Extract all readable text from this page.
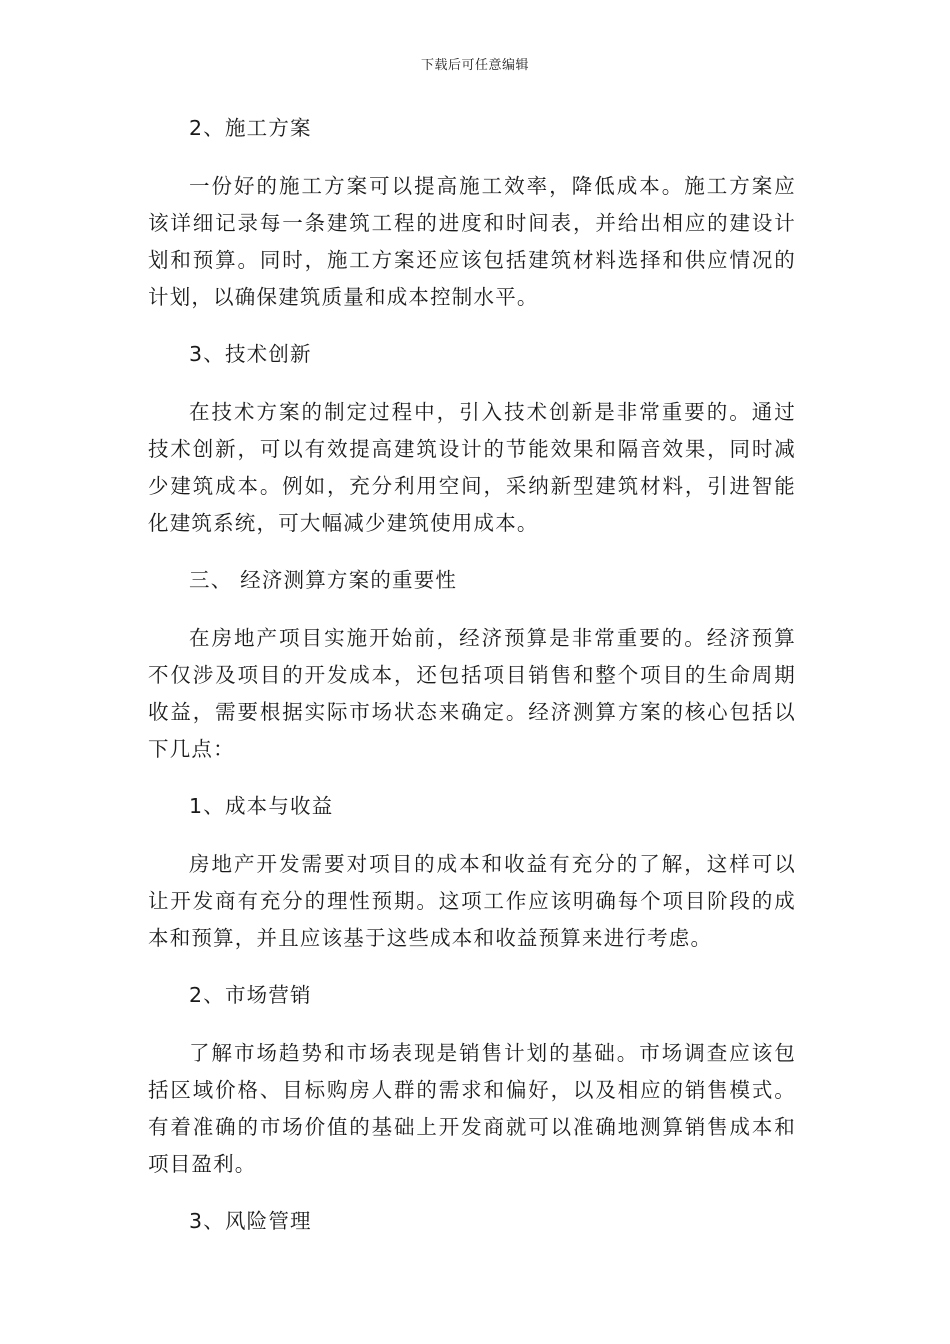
下载后可任意编辑

2、施工方案

一份好的施工方案可以提高施工效率，降低成本。施工方案应该详细记录每一条建筑工程的进度和时间表，并给出相应的建设计划和预算。同时，施工方案还应该包括建筑材料选择和供应情况的计划，以确保建筑质量和成本控制水平。

3、技术创新

在技术方案的制定过程中，引入技术创新是非常重要的。通过技术创新，可以有效提高建筑设计的节能效果和隔音效果，同时减少建筑成本。例如，充分利用空间，采纳新型建筑材料，引进智能化建筑系统，可大幅减少建筑使用成本。

三、 经济测算方案的重要性

在房地产项目实施开始前，经济预算是非常重要的。经济预算不仅涉及项目的开发成本，还包括项目销售和整个项目的生命周期收益，需要根据实际市场状态来确定。经济测算方案的核心包括以下几点：

1、成本与收益

房地产开发需要对项目的成本和收益有充分的了解，这样可以让开发商有充分的理性预期。这项工作应该明确每个项目阶段的成本和预算，并且应该基于这些成本和收益预算来进行考虑。

2、市场营销

了解市场趋势和市场表现是销售计划的基础。市场调查应该包括区域价格、目标购房人群的需求和偏好，以及相应的销售模式。有着准确的市场价值的基础上开发商就可以准确地测算销售成本和项目盈利。

3、风险管理
